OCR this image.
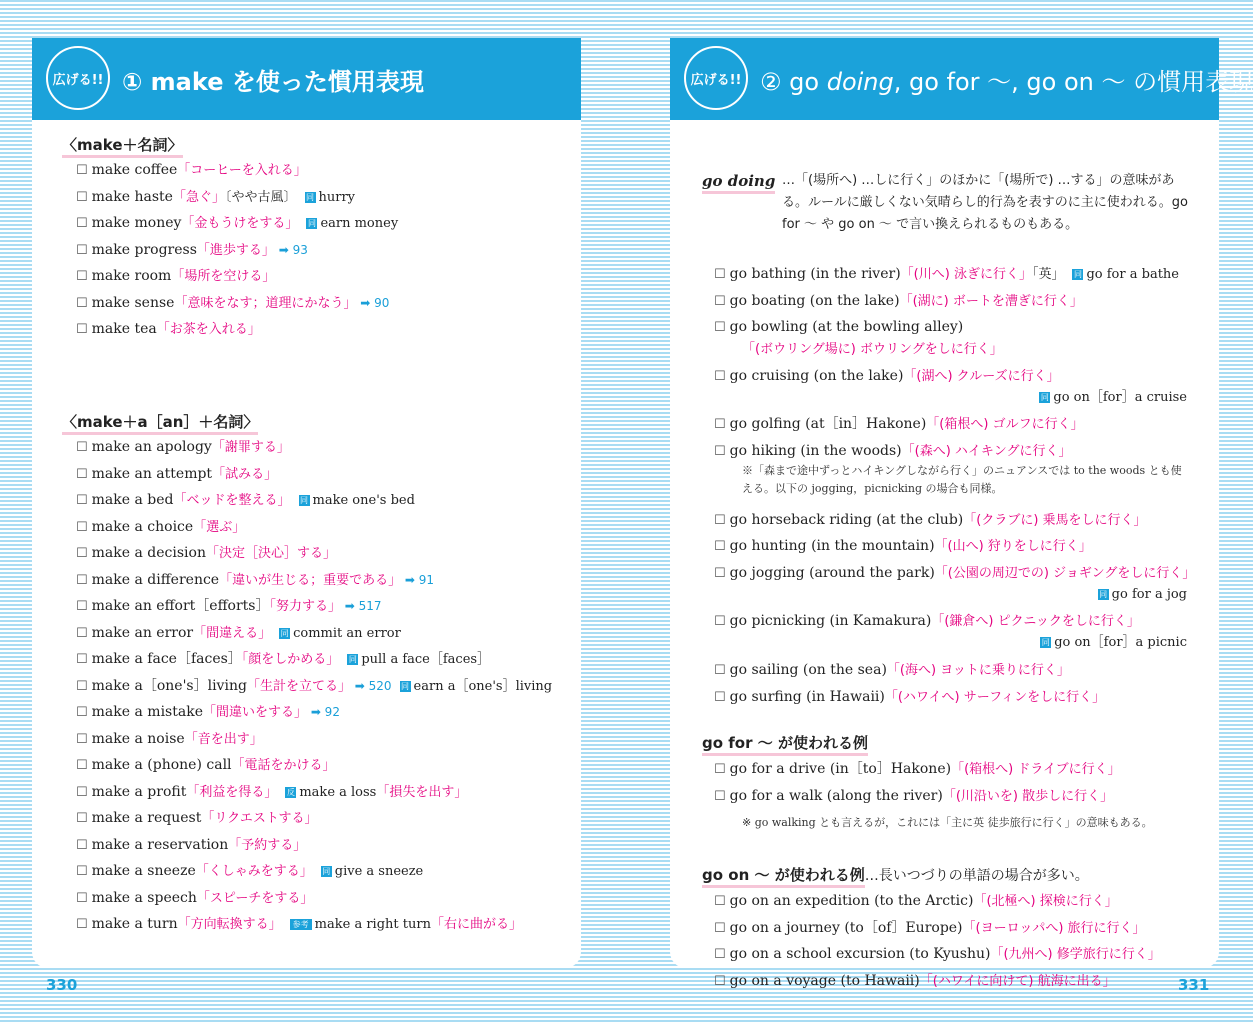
広げる!! ① make を使った慣用表現
〈make＋名詞〉
☐ make coffee「コーヒーを入れる」
☐ make haste「急ぐ」〔やや古風〕 同 hurry
☐ make money「金もうけをする」 同 earn money
☐ make progress「進歩する」 ➡ 93
☐ make room「場所を空ける」
☐ make sense「意味をなす；道理にかなう」 ➡ 90
☐ make tea「お茶を入れる」
〈make＋a［an］＋名詞〉
☐ make an apology「謝罪する」
☐ make an attempt「試みる」
☐ make a bed「ベッドを整える」 同 make one's bed
☐ make a choice「選ぶ」
☐ make a decision「決定［決心］する」
☐ make a difference「違いが生じる；重要である」 ➡ 91
☐ make an effort［efforts］「努力する」 ➡ 517
☐ make an error「間違える」 同 commit an error
☐ make a face［faces］「顔をしかめる」 同 pull a face［faces］
☐ make a［one's］living「生計を立てる」 ➡ 520 同 earn a［one's］living
☐ make a mistake「間違いをする」 ➡ 92
☐ make a noise「音を出す」
☐ make a (phone) call「電話をかける」
☐ make a profit「利益を得る」 反 make a loss「損失を出す」
☐ make a request「リクエストする」
☐ make a reservation「予約する」
☐ make a sneeze「くしゃみをする」 同 give a sneeze
☐ make a speech「スピーチをする」
☐ make a turn「方向転換する」 参考 make a right turn「右に曲がる」
広げる!! ② go doing, go for 〜, go on 〜 の慣用表現
go doing …「(場所へ) …しに行く」のほかに「(場所で) …する」の意味がある。ルールに厳しくない気晴らし的行為を表すのに主に使われる。go for 〜 や go on 〜 で言い換えられるものもある。
☐ go bathing (in the river)「(川へ) 泳ぎに行く」「英」 同 go for a bathe
☐ go boating (on the lake)「(湖に) ボートを漕ぎに行く」
☐ go bowling (at the bowling alley)
「(ボウリング場に) ボウリングをしに行く」
☐ go cruising (on the lake)「(湖へ) クルーズに行く」
同 go on［for］a cruise
☐ go golfing (at［in］Hakone)「(箱根へ) ゴルフに行く」
☐ go hiking (in the woods)「(森へ) ハイキングに行く」
☐ go horseback riding (at the club)「(クラブに) 乗馬をしに行く」
☐ go hunting (in the mountain)「(山へ) 狩りをしに行く」
☐ go jogging (around the park)「(公園の周辺での) ジョギングをしに行く」
同 go for a jog
☐ go picnicking (in Kamakura)「(鎌倉へ) ピクニックをしに行く」
同 go on［for］a picnic
☐ go sailing (on the sea)「(海へ) ヨットに乗りに行く」
☐ go surfing (in Hawaii)「(ハワイへ) サーフィンをしに行く」
※「森まで途中ずっとハイキングしながら行く」のニュアンスでは to the woods とも使える。以下の jogging，picnicking の場合も同様。
go for 〜 が使われる例
☐ go for a drive (in［to］Hakone)「(箱根へ) ドライブに行く」
☐ go for a walk (along the river)「(川沿いを) 散歩しに行く」
※ go walking とも言えるが，これには「主に英 徒歩旅行に行く」の意味もある。
go on 〜 が使われる例…長いつづりの単語の場合が多い。
☐ go on an expedition (to the Arctic)「(北極へ) 探検に行く」
☐ go on a journey (to［of］Europe)「(ヨーロッパへ) 旅行に行く」
☐ go on a school excursion (to Kyushu)「(九州へ) 修学旅行に行く」
☐ go on a voyage (to Hawaii)「(ハワイに向けて) 航海に出る」
330	331
